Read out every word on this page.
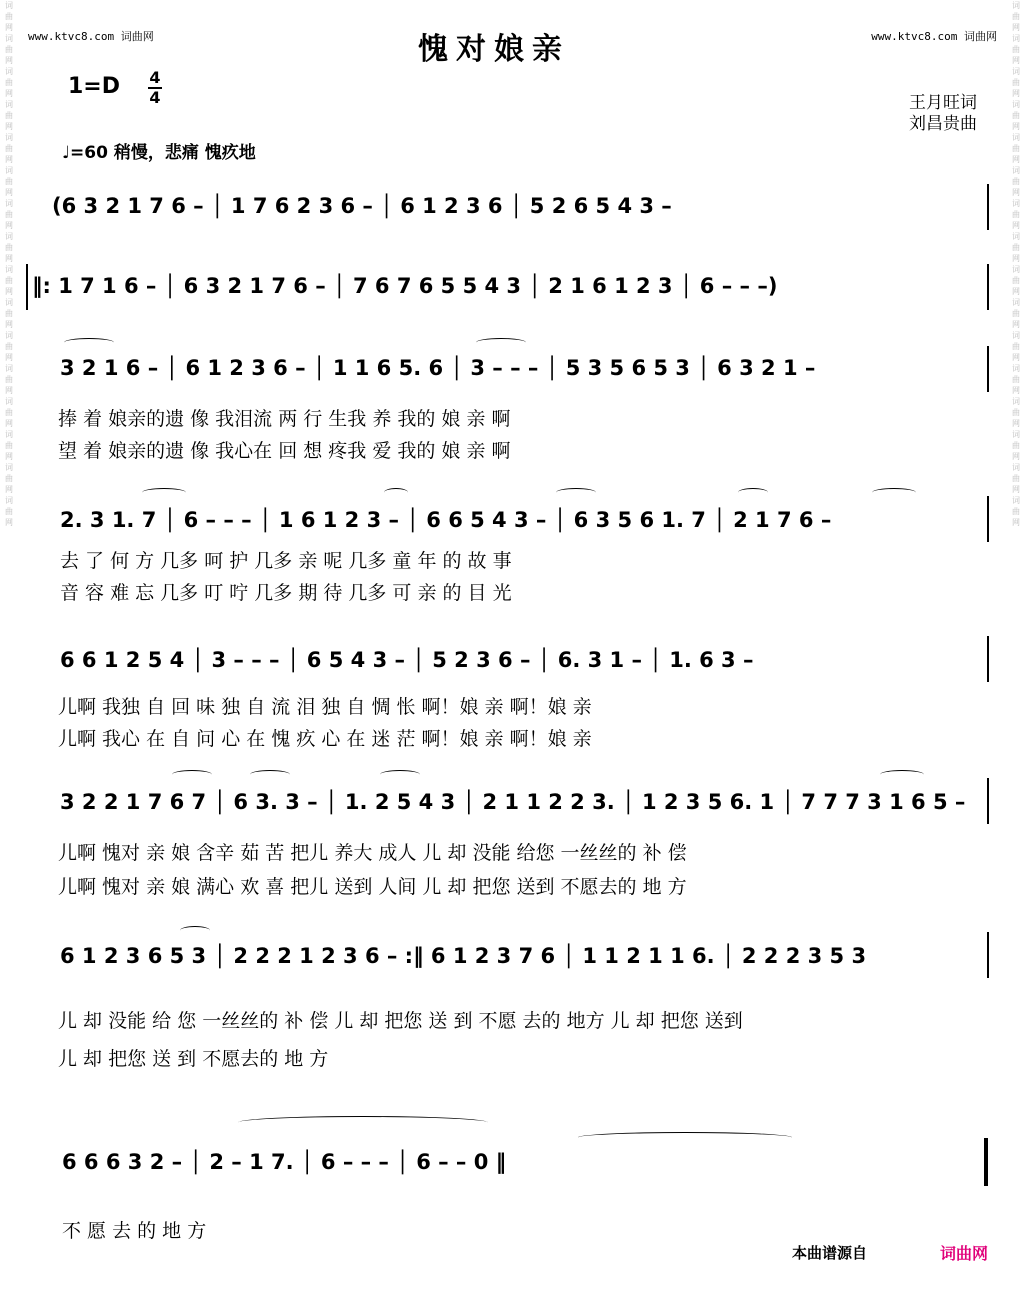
词曲网词曲网词曲网词曲网词曲网词曲网词曲网词曲网词曲网词曲网词曲网词曲网词曲网词曲网词曲网词曲网
词曲网词曲网词曲网词曲网词曲网词曲网词曲网词曲网词曲网词曲网词曲网词曲网词曲网词曲网词曲网词曲网
www.ktvc8.com 词曲网	www.ktvc8.com 词曲网
愧对娘亲
1=D 4
4	王月旺词
刘昌贵曲
♩=60 稍慢，悲痛 愧疚地
(6 3 2 1 7 6 – │ 1 7 6 2 3 6 – │ 6 1 2 3 6 │ 5 2 6 5 4 3 –
‖: 1 7 1 6 – │ 6 3 2 1 7 6 – │ 7 6 7 6 5 5 4 3 │ 2 1 6 1 2 3 │ 6 – – –)
3 2 1 6 – │ 6 1 2 3 6 – │ 1 1 6 5. 6 │ 3 – – – │ 5 3 5 6 5 3 │ 6 3 2 1 –
捧 着 娘亲的遗 像 我泪流 两 行 生我 养 我的 娘 亲 啊
望 着 娘亲的遗 像 我心在 回 想 疼我 爱 我的 娘 亲 啊
2. 3 1. 7 │ 6 – – – │ 1 6 1 2 3 – │ 6 6 5 4 3 – │ 6 3 5 6 1. 7 │ 2 1 7 6 –
去 了 何 方 几多 呵 护 几多 亲 呢 几多 童 年 的 故 事
音 容 难 忘 几多 叮 咛 几多 期 待 几多 可 亲 的 目 光
6 6 1 2 5 4 │ 3 – – – │ 6 5 4 3 – │ 5 2 3 6 – │ 6. 3 1 – │ 1. 6 3 –
儿啊 我独 自 回 味 独 自 流 泪 独 自 惆 怅 啊！娘 亲 啊！娘 亲
儿啊 我心 在 自 问 心 在 愧 疚 心 在 迷 茫 啊！娘 亲 啊！娘 亲
3 2 2 1 7 6 7 │ 6 3. 3 – │ 1. 2 5 4 3 │ 2 1 1 2 2 3. │ 1 2 3 5 6. 1 │ 7 7 7 3 1 6 5 –
儿啊 愧对 亲 娘 含辛 茹 苦 把儿 养大 成人 儿 却 没能 给您 一丝丝的 补 偿
儿啊 愧对 亲 娘 满心 欢 喜 把儿 送到 人间 儿 却 把您 送到 不愿去的 地 方
6 1 2 3 6 5 3 │ 2 2 2 1 2 3 6 – :‖ 6 1 2 3 7 6 │ 1 1 2 1 1 6. │ 2 2 2 3 5 3
儿 却 没能 给 您 一丝丝的 补 偿 儿 却 把您 送 到 不愿 去的 地方 儿 却 把您 送到
儿 却 把您 送 到 不愿去的 地 方
6 6 6 3 2 – │ 2 – 1 7. │ 6 – – – │ 6 – – 0 ‖
不 愿 去 的 地 方
本曲谱源自	词曲网
